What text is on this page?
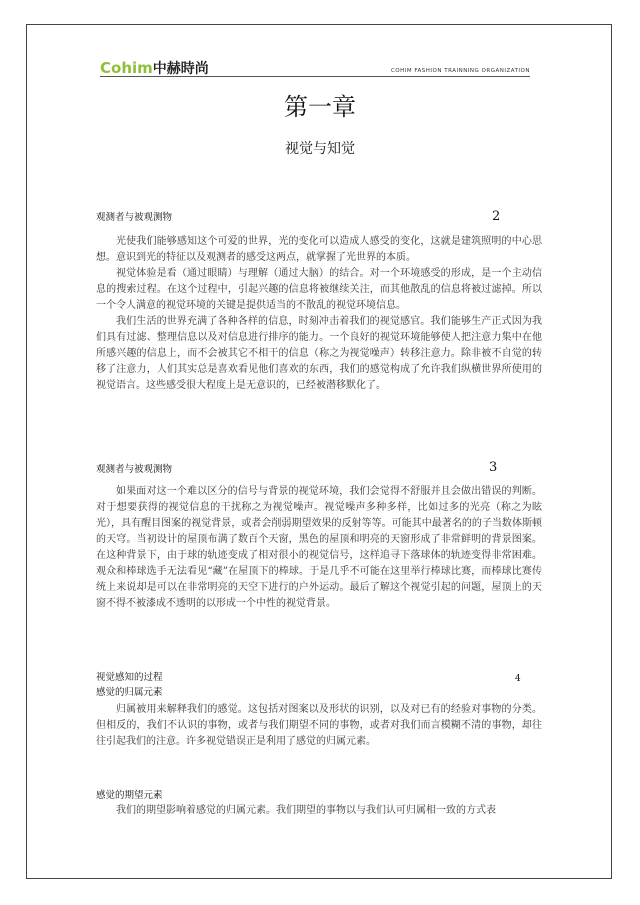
Cohim中赫時尚	COHIM FASHION TRAINNING ORGANIZATION
第一章
视觉与知觉
观测者与被观测物	2

光使我们能够感知这个可爱的世界，光的变化可以造成人感受的变化，这就是建筑照明的中心思想。意识到光的特征以及观测者的感受这两点，就掌握了光世界的本质。

视觉体验是看（通过眼睛）与理解（通过大脑）的结合。对一个环境感受的形成，是一个主动信息的搜索过程。在这个过程中，引起兴趣的信息将被继续关注，而其他散乱的信息将被过滤掉。所以一个令人满意的视觉环境的关键是提供适当的不散乱的视觉环境信息。

我们生活的世界充满了各种各样的信息，时刻冲击着我们的视觉感官。我们能够生产正式因为我们具有过滤、整理信息以及对信息进行排序的能力。一个良好的视觉环境能够使人把注意力集中在他所感兴趣的信息上，而不会被其它不相干的信息（称之为视觉噪声）转移注意力。除非被不自觉的转移了注意力，人们其实总是喜欢看见他们喜欢的东西，我们的感觉构成了允许我们纵横世界所使用的视觉语言。这些感受很大程度上是无意识的，已经被潜移默化了。

观测者与被观测物	3

如果面对这一个难以区分的信号与背景的视觉环境，我们会觉得不舒服并且会做出错误的判断。对于想要获得的视觉信息的干扰称之为视觉噪声。视觉噪声多种多样，比如过多的光亮（称之为眩光），具有醒目图案的视觉背景，或者会削弱期望效果的反射等等。可能其中最著名的的子当数体斯顿的天穹。当初设计的屋顶布满了数百个天窗，黑色的屋顶和明亮的天窗形成了非常鲜明的背景图案。在这种背景下，由于球的轨迹变成了相对很小的视觉信号，这样追寻下落球体的轨迹变得非常困难。观众和棒球选手无法看见“藏”在屋顶下的棒球。于是几乎不可能在这里举行棒球比赛，而棒球比赛传统上来说却是可以在非常明亮的天空下进行的户外运动。最后了解这个视觉引起的问题，屋顶上的天窗不得不被漆成不透明的以形成一个中性的视觉背景。

视觉感知的过程	4
感觉的归属元素

归属被用来解释我们的感觉。这包括对图案以及形状的识别，以及对已有的经验对事物的分类。但相反的，我们不认识的事物，或者与我们期望不同的事物，或者对我们而言模糊不清的事物，却往往引起我们的注意。许多视觉错误正是利用了感觉的归属元素。

感觉的期望元素

我们的期望影响着感觉的归属元素。我们期望的事物以与我们认可归属相一致的方式表
